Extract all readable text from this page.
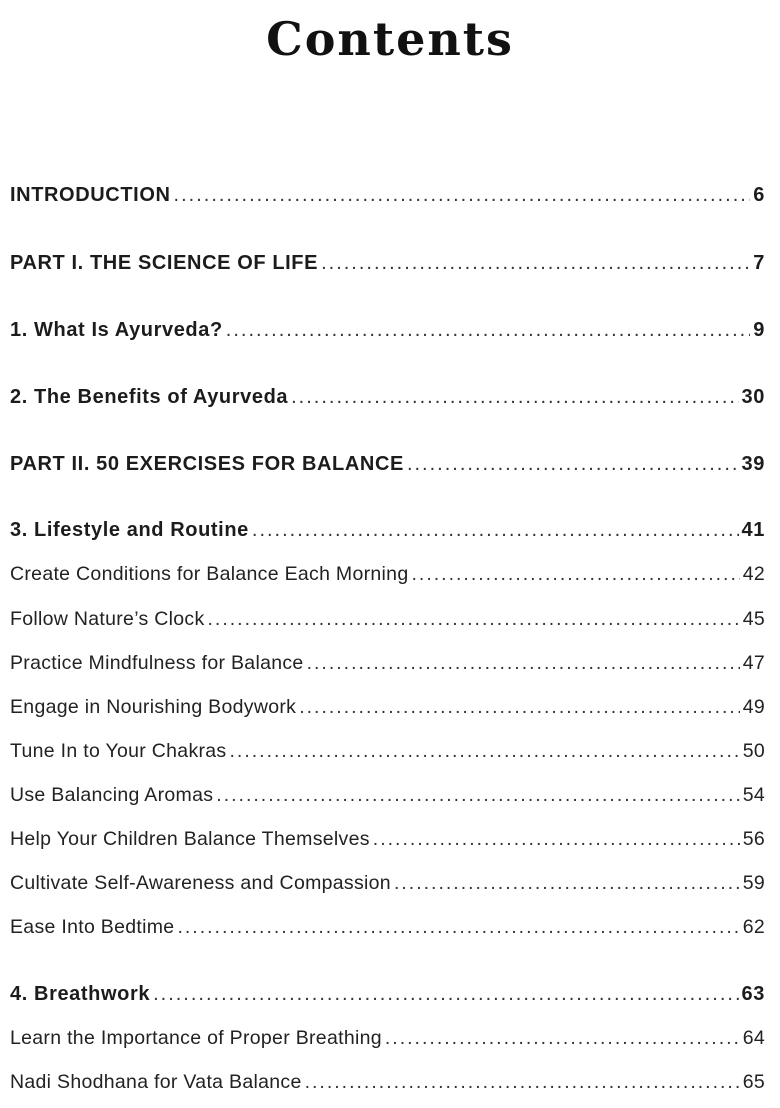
Contents
INTRODUCTION .....	6
PART I. THE SCIENCE OF LIFE .....	7
1. What Is Ayurveda? .....	9
2. The Benefits of Ayurveda .....	30
PART II. 50 EXERCISES FOR BALANCE .....	39
3. Lifestyle and Routine .....	41
Create Conditions for Balance Each Morning .....	42
Follow Nature’s Clock .....	45
Practice Mindfulness for Balance .....	47
Engage in Nourishing Bodywork .....	49
Tune In to Your Chakras .....	50
Use Balancing Aromas .....	54
Help Your Children Balance Themselves .....	56
Cultivate Self-Awareness and Compassion .....	59
Ease Into Bedtime .....	62
4. Breathwork .....	63
Learn the Importance of Proper Breathing .....	64
Nadi Shodhana for Vata Balance .....	65
